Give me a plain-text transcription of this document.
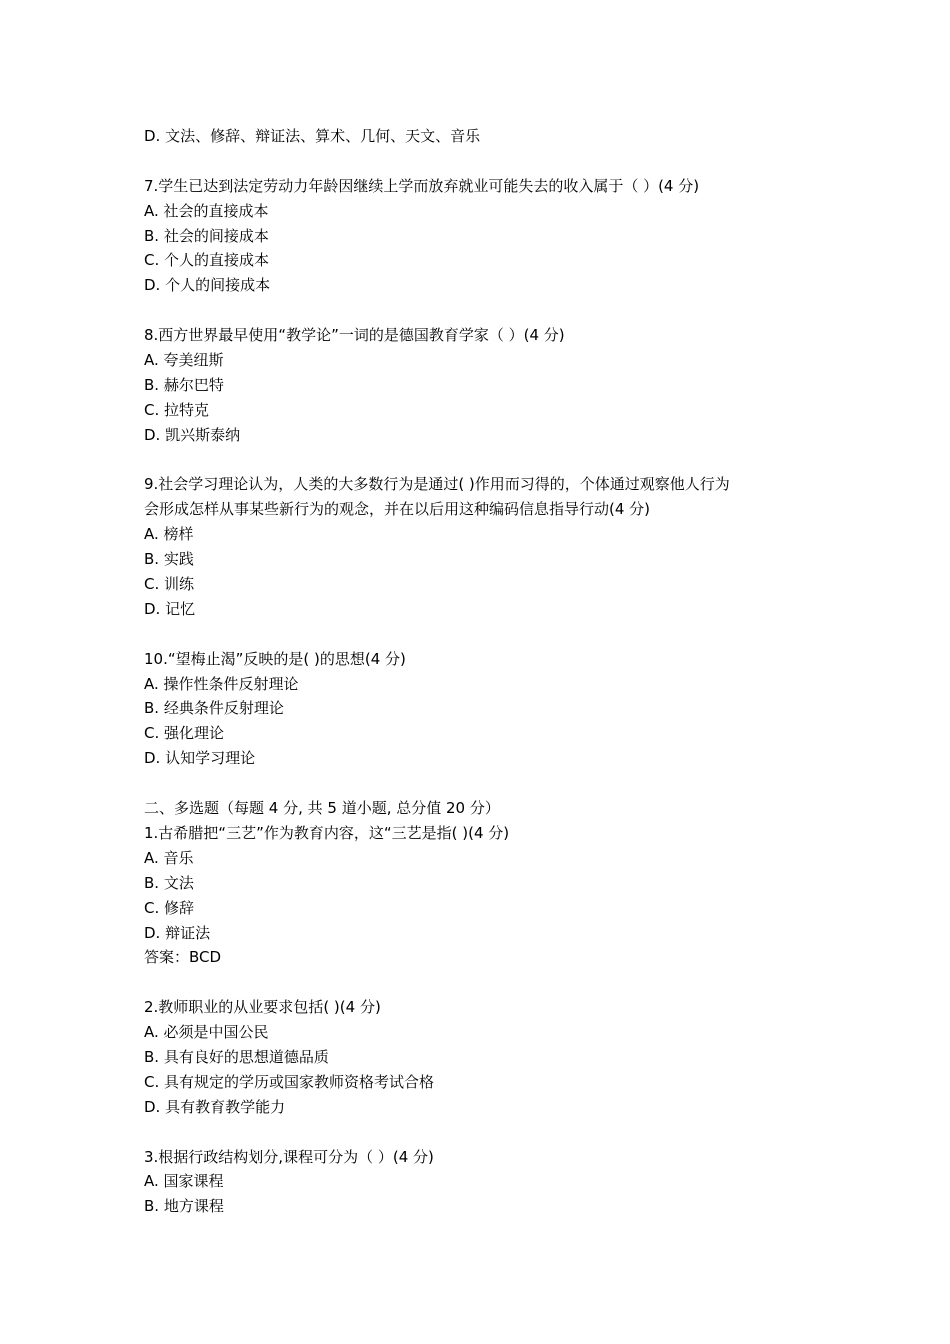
D. 文法、修辞、辩证法、算术、几何、天文、音乐
7.学生已达到法定劳动力年龄因继续上学而放弃就业可能失去的收入属于（ ）(4 分)
A. 社会的直接成本
B. 社会的间接成本
C. 个人的直接成本
D. 个人的间接成本
8.西方世界最早使用“教学论”一词的是德国教育学家（ ）(4 分)
A. 夸美纽斯
B. 赫尔巴特
C. 拉特克
D. 凯兴斯泰纳
9.社会学习理论认为，人类的大多数行为是通过( )作用而习得的，个体通过观察他人行为
会形成怎样从事某些新行为的观念，并在以后用这种编码信息指导行动(4 分)
A. 榜样
B. 实践
C. 训练
D. 记忆
10.“望梅止渴”反映的是( )的思想(4 分)
A. 操作性条件反射理论
B. 经典条件反射理论
C. 强化理论
D. 认知学习理论
二、多选题（每题 4 分, 共 5 道小题, 总分值 20 分）
1.古希腊把“三艺”作为教育内容，这“三艺是指( )(4 分)
A. 音乐
B. 文法
C. 修辞
D. 辩证法
答案：BCD
2.教师职业的从业要求包括( )(4 分)
A. 必须是中国公民
B. 具有良好的思想道德品质
C. 具有规定的学历或国家教师资格考试合格
D. 具有教育教学能力
3.根据行政结构划分,课程可分为（ ）(4 分)
A. 国家课程
B. 地方课程
